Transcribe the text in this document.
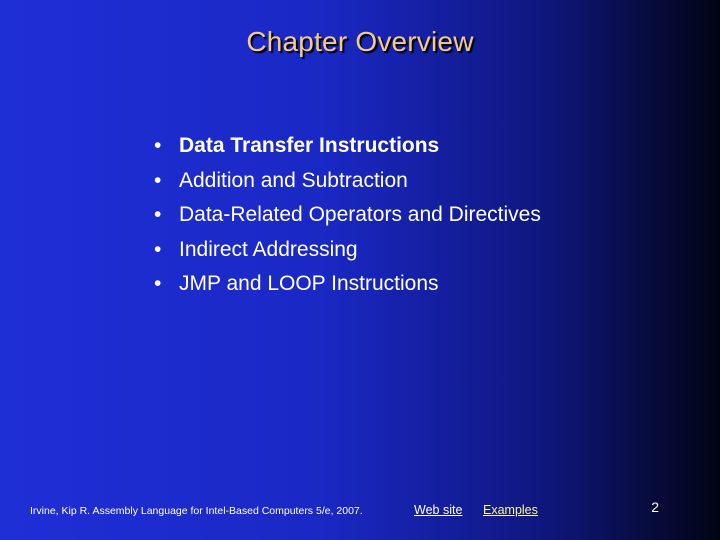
Chapter Overview
• Data Transfer Instructions
• Addition and Subtraction
• Data-Related Operators and Directives
• Indirect Addressing
• JMP and LOOP Instructions
Irvine, Kip R. Assembly Language for Intel-Based Computers 5/e, 2007.	Web site Examples	2
